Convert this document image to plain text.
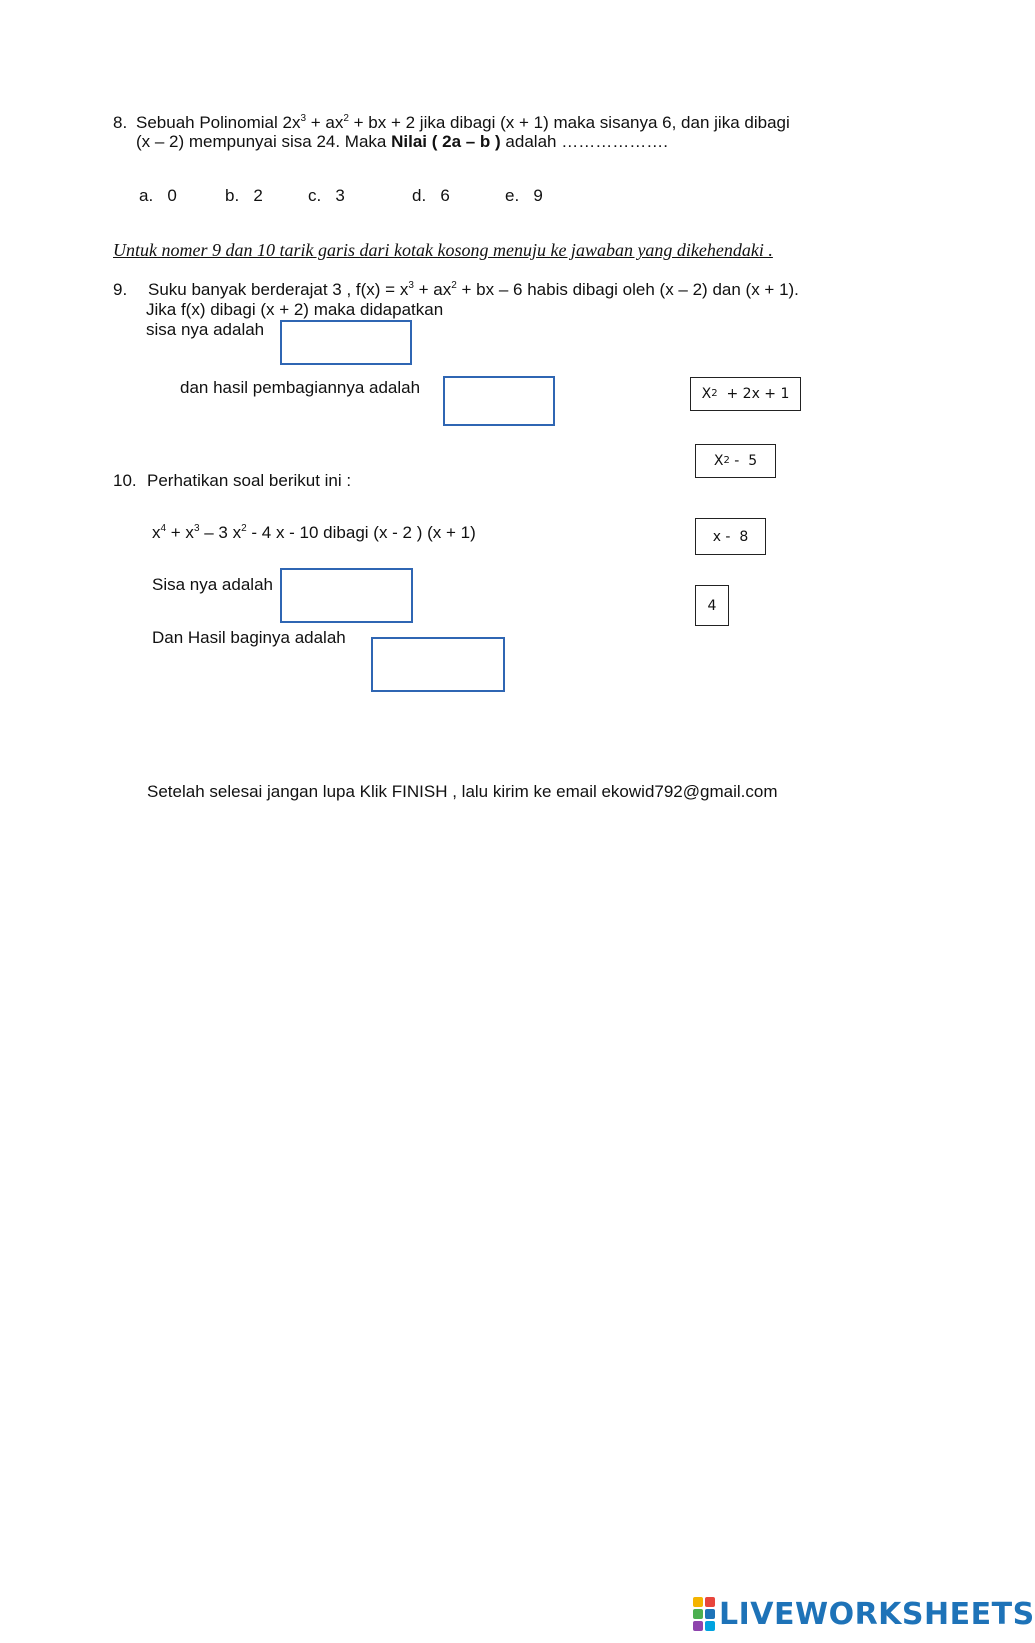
8. Sebuah Polinomial $2x^3 + ax^2$ + bx + 2 jika dibagi (x + 1) maka sisanya 6, dan jika dibagi
(x – 2) mempunyai sisa 24. Maka Nilai ( 2a – b ) adalah ……………….
a. 0	b. 2	c. 3	d. 6	e. 9
Untuk nomer 9 dan 10 tarik garis dari kotak kosong menuju ke jawaban yang dikehendaki .
9. Suku banyak berderajat 3 , $f(x) = x^3 + ax^2$ + bx – 6 habis dibagi oleh (x – 2) dan (x + 1).
Jika f(x) dibagi (x + 2) maka didapatkan
sisa nya adalah
dan hasil pembagiannya adalah	X 2 + 2x + 1
X 2 -  5
x -  8
4
10. Perhatikan soal berikut ini :
$x^4 + x^3 - 3$ $x^2 - 4$ x - 10 dibagi (x - 2 ) (x + 1)
Sisa nya adalah
Dan Hasil baginya adalah
Setelah selesai jangan lupa Klik FINISH , lalu kirim ke email ekowid792@gmail.com
LIVEWORKSHEETS
